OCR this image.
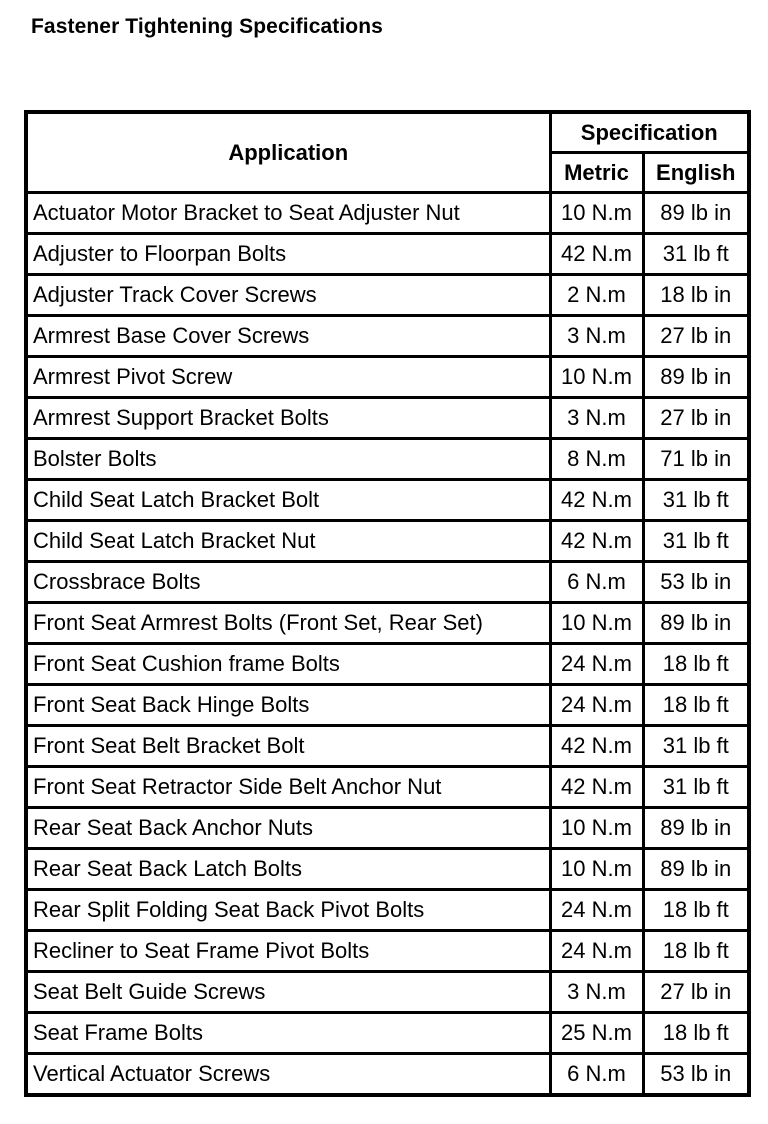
Fastener Tightening Specifications
Application	Specification	
	Metric	English
Actuator Motor Bracket to Seat Adjuster Nut	10 N.m	89 lb in
Adjuster to Floorpan Bolts	42 N.m	31 lb ft
Adjuster Track Cover Screws	2 N.m	18 lb in
Armrest Base Cover Screws	3 N.m	27 lb in
Armrest Pivot Screw	10 N.m	89 lb in
Armrest Support Bracket Bolts	3 N.m	27 lb in
Bolster Bolts	8 N.m	71 lb in
Child Seat Latch Bracket Bolt	42 N.m	31 lb ft
Child Seat Latch Bracket Nut	42 N.m	31 lb ft
Crossbrace Bolts	6 N.m	53 lb in
Front Seat Armrest Bolts (Front Set, Rear Set)	10 N.m	89 lb in
Front Seat Cushion frame Bolts	24 N.m	18 lb ft
Front Seat Back Hinge Bolts	24 N.m	18 lb ft
Front Seat Belt Bracket Bolt	42 N.m	31 lb ft
Front Seat Retractor Side Belt Anchor Nut	42 N.m	31 lb ft
Rear Seat Back Anchor Nuts	10 N.m	89 lb in
Rear Seat Back Latch Bolts	10 N.m	89 lb in
Rear Split Folding Seat Back Pivot Bolts	24 N.m	18 lb ft
Recliner to Seat Frame Pivot Bolts	24 N.m	18 lb ft
Seat Belt Guide Screws	3 N.m	27 lb in
Seat Frame Bolts	25 N.m	18 lb ft
Vertical Actuator Screws	6 N.m	53 lb in
